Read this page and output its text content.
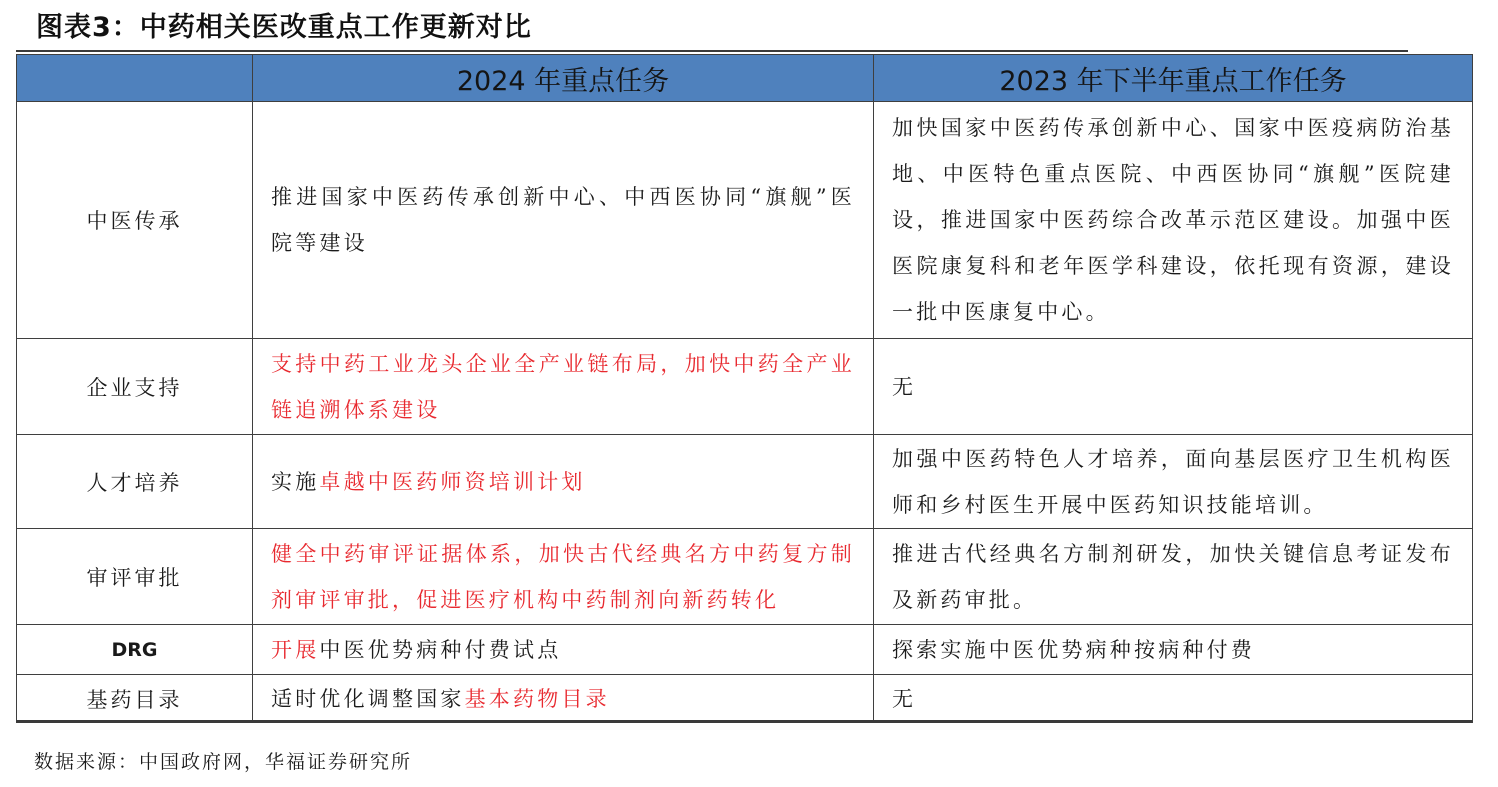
图表3：中药相关医改重点工作更新对比
	2024 年重点任务	2023 年下半年重点工作任务
中医传承	推进国家中医药传承创新中心、中西医协同“旗舰”医院等建设	加快国家中医药传承创新中心、国家中医疫病防治基地、中医特色重点医院、中西医协同“旗舰”医院建设，推进国家中医药综合改革示范区建设。加强中医医院康复科和老年医学科建设，依托现有资源，建设一批中医康复中心。
企业支持	支持中药工业龙头企业全产业链布局，加快中药全产业链追溯体系建设	无
人才培养	实施卓越中医药师资培训计划	加强中医药特色人才培养，面向基层医疗卫生机构医师和乡村医生开展中医药知识技能培训。
审评审批	健全中药审评证据体系，加快古代经典名方中药复方制剂审评审批，促进医疗机构中药制剂向新药转化	推进古代经典名方制剂研发，加快关键信息考证发布及新药审批。
DRG	开展中医优势病种付费试点	探索实施中医优势病种按病种付费
基药目录	适时优化调整国家基本药物目录	无
数据来源：中国政府网，华福证券研究所
